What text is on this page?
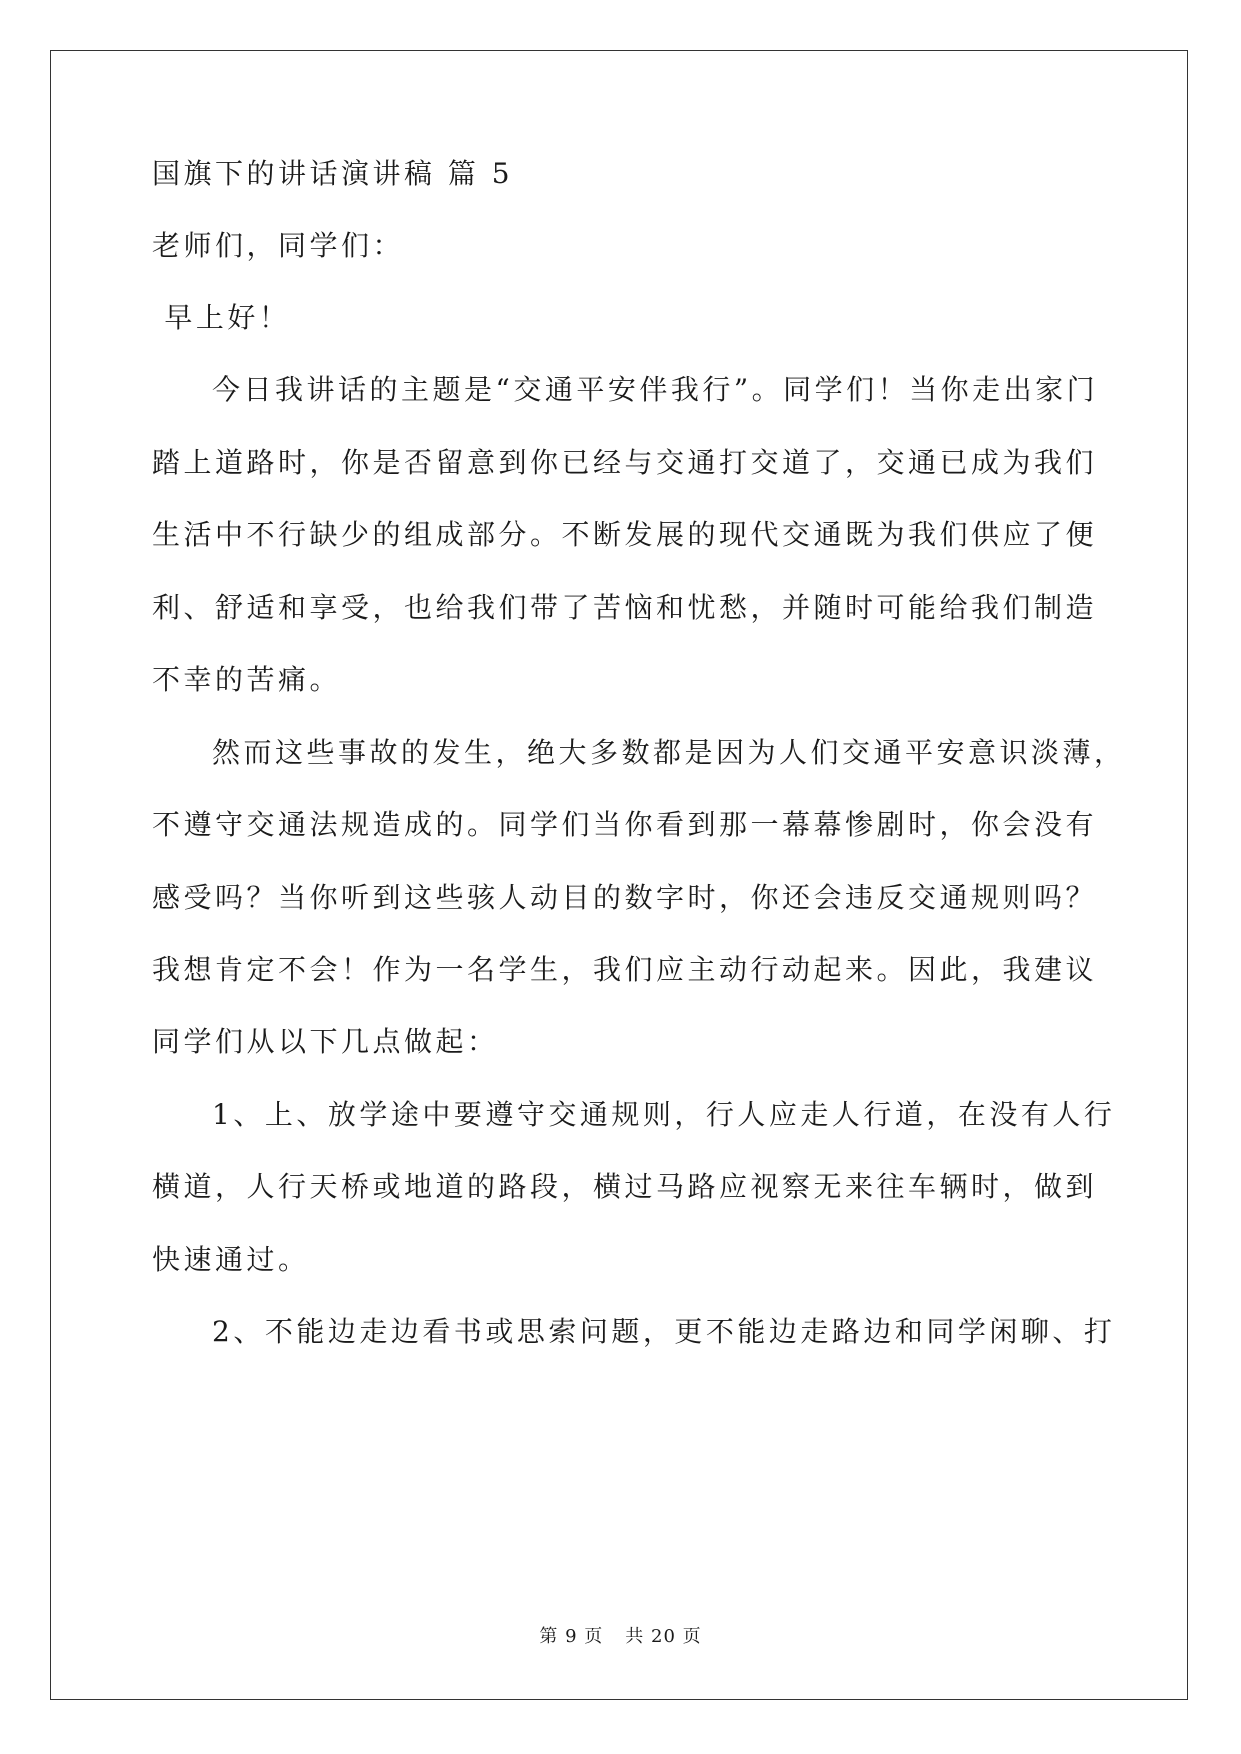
国旗下的讲话演讲稿 篇 5
老师们，同学们：
早上好！
今日我讲话的主题是“交通平安伴我行”。同学们！当你走出家门
踏上道路时，你是否留意到你已经与交通打交道了，交通已成为我们
生活中不行缺少的组成部分。不断发展的现代交通既为我们供应了便
利、舒适和享受，也给我们带了苦恼和忧愁，并随时可能给我们制造
不幸的苦痛。
然而这些事故的发生，绝大多数都是因为人们交通平安意识淡薄，
不遵守交通法规造成的。同学们当你看到那一幕幕惨剧时，你会没有
感受吗？当你听到这些骇人动目的数字时，你还会违反交通规则吗？
我想肯定不会！作为一名学生，我们应主动行动起来。因此，我建议
同学们从以下几点做起：
1、上、放学途中要遵守交通规则，行人应走人行道，在没有人行
横道，人行天桥或地道的路段，横过马路应视察无来往车辆时，做到
快速通过。
2、不能边走边看书或思索问题，更不能边走路边和同学闲聊、打
第 9 页 共 20 页
